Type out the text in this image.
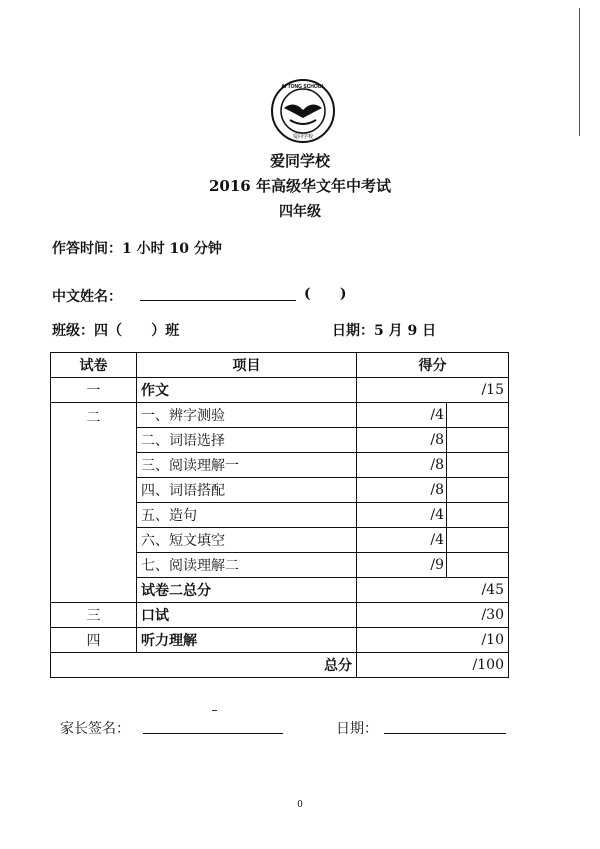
AI TONG SCHOOL
爱同学校
爱同学校
2016 年高级华文年中考试
四年级
作答时间：1 小时 10 分钟
中文姓名：	(      )
班级：四（      ）班	日期：5 月 9 日
试卷	项目	得分	
一	作文	/15	
二	一、辨字测验	/4	
	二、词语选择	/8	
	三、阅读理解一	/8	
	四、词语搭配	/8	
	五、造句	/4	
	六、短文填空	/4	
	七、阅读理解二	/9	
	试卷二总分	/45	
三	口试	/30	
四	听力理解	/10	
总分		/100	
家长签名：	日期：
0
